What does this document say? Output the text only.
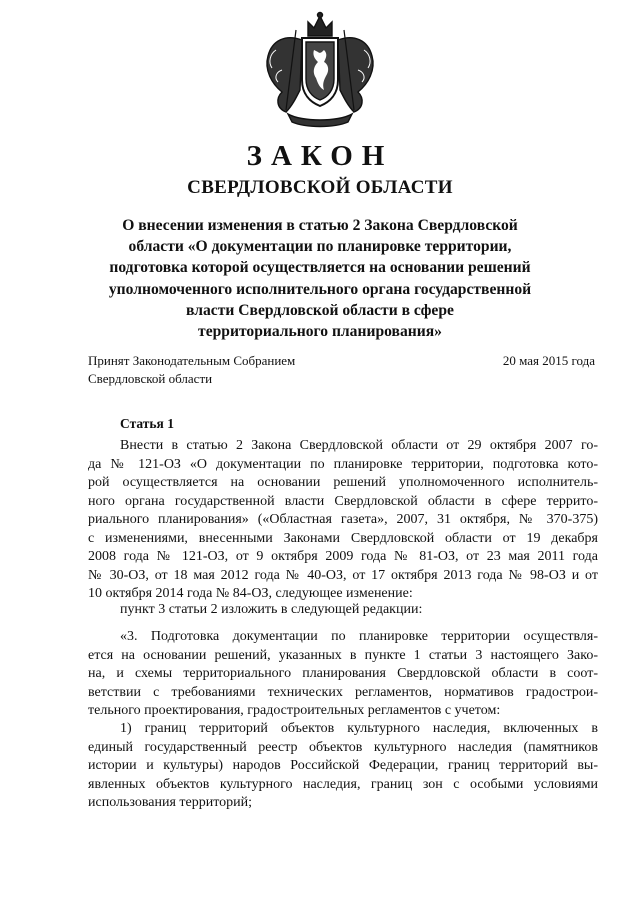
ЗАКОН
СВЕРДЛОВСКОЙ ОБЛАСТИ
О внесении изменения в статью 2 Закона Свердловской
области «О документации по планировке территории,
подготовка которой осуществляется на основании решений
уполномоченного исполнительного органа государственной
власти Свердловской области в сфере
территориального планирования»
Принят Законодательным Собранием
Свердловской области
20 мая 2015 года
Статья 1
Внести в статью 2 Закона Свердловской области от 29 октября 2007 го-
да № 121-ОЗ «О документации по планировке территории, подготовка кото-
рой осуществляется на основании решений уполномоченного исполнитель-
ного органа государственной власти Свердловской области в сфере террито-
риального планирования» («Областная газета», 2007, 31 октября, № 370-375)
с изменениями, внесенными Законами Свердловской области от 19 декабря
2008 года № 121-ОЗ, от 9 октября 2009 года № 81-ОЗ, от 23 мая 2011 года
№ 30-ОЗ, от 18 мая 2012 года № 40-ОЗ, от 17 октября 2013 года № 98-ОЗ и от
10 октября 2014 года № 84-ОЗ, следующее изменение:
пункт 3 статьи 2 изложить в следующей редакции:
«3. Подготовка документации по планировке территории осуществля-
ется на основании решений, указанных в пункте 1 статьи 3 настоящего Зако-
на, и схемы территориального планирования Свердловской области в соот-
ветствии с требованиями технических регламентов, нормативов градострои-
тельного проектирования, градостроительных регламентов с учетом:
1) границ территорий объектов культурного наследия, включенных в
единый государственный реестр объектов культурного наследия (памятников
истории и культуры) народов Российской Федерации, границ территорий вы-
явленных объектов культурного наследия, границ зон с особыми условиями
использования территорий;
